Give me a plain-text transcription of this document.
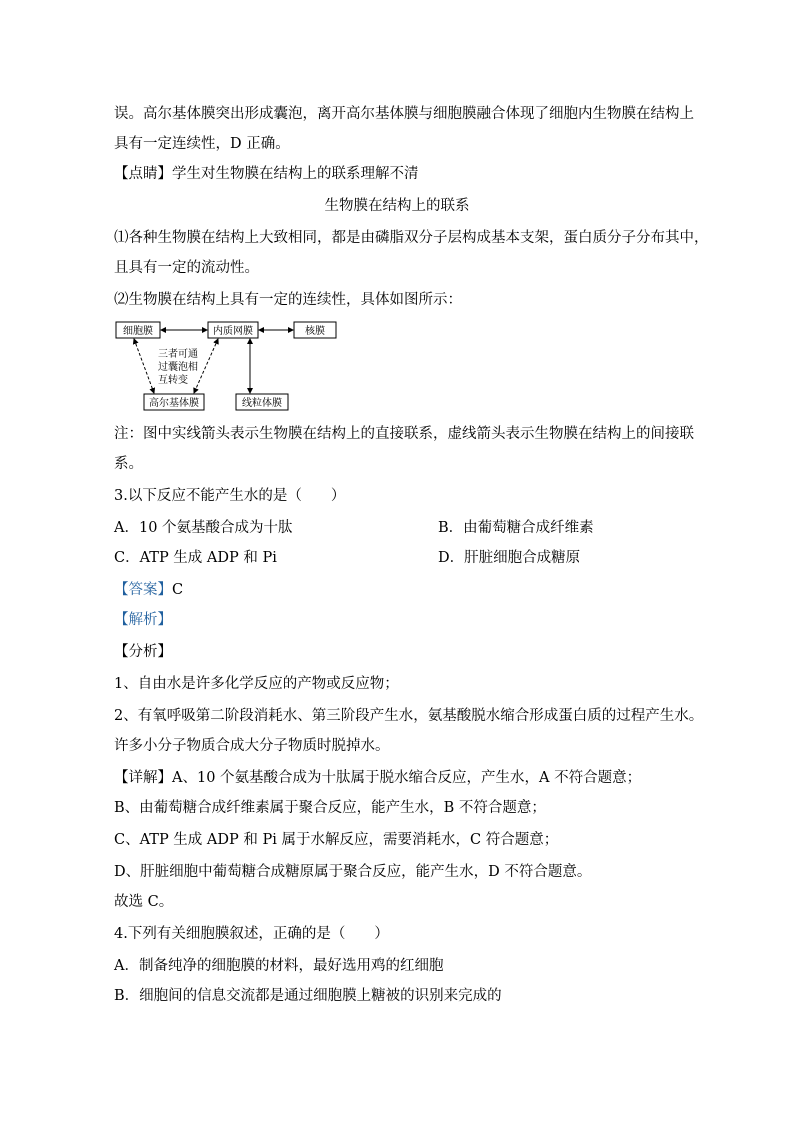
误。高尔基体膜突出形成囊泡，离开高尔基体膜与细胞膜融合体现了细胞内生物膜在结构上
具有一定连续性，D 正确。
【点睛】学生对生物膜在结构上的联系理解不清
生物膜在结构上的联系
⑴各种生物膜在结构上大致相同，都是由磷脂双分子层构成基本支架，蛋白质分子分布其中，
且具有一定的流动性。
⑵生物膜在结构上具有一定的连续性，具体如图所示：
细胞膜	内质网膜	核膜
高尔基体膜	线粒体膜
三者可通
过囊泡相
互转变
注：图中实线箭头表示生物膜在结构上的直接联系，虚线箭头表示生物膜在结构上的间接联
系。
3.以下反应不能产生水的是（　　）
A．10 个氨基酸合成为十肽	B．由葡萄糖合成纤维素
C．ATP 生成 ADP 和 Pi	D．肝脏细胞合成糖原
【答案】C
【解析】
【分析】
1、自由水是许多化学反应的产物或反应物；
2、有氧呼吸第二阶段消耗水、第三阶段产生水，氨基酸脱水缩合形成蛋白质的过程产生水。
许多小分子物质合成大分子物质时脱掉水。
【详解】A、10 个氨基酸合成为十肽属于脱水缩合反应，产生水，A 不符合题意；
B、由葡萄糖合成纤维素属于聚合反应，能产生水，B 不符合题意；
C、ATP 生成 ADP 和 Pi 属于水解反应，需要消耗水，C 符合题意；
D、肝脏细胞中葡萄糖合成糖原属于聚合反应，能产生水，D 不符合题意。
故选 C。
4.下列有关细胞膜叙述，正确的是（　　）
A．制备纯净的细胞膜的材料，最好选用鸡的红细胞
B．细胞间的信息交流都是通过细胞膜上糖被的识别来完成的
